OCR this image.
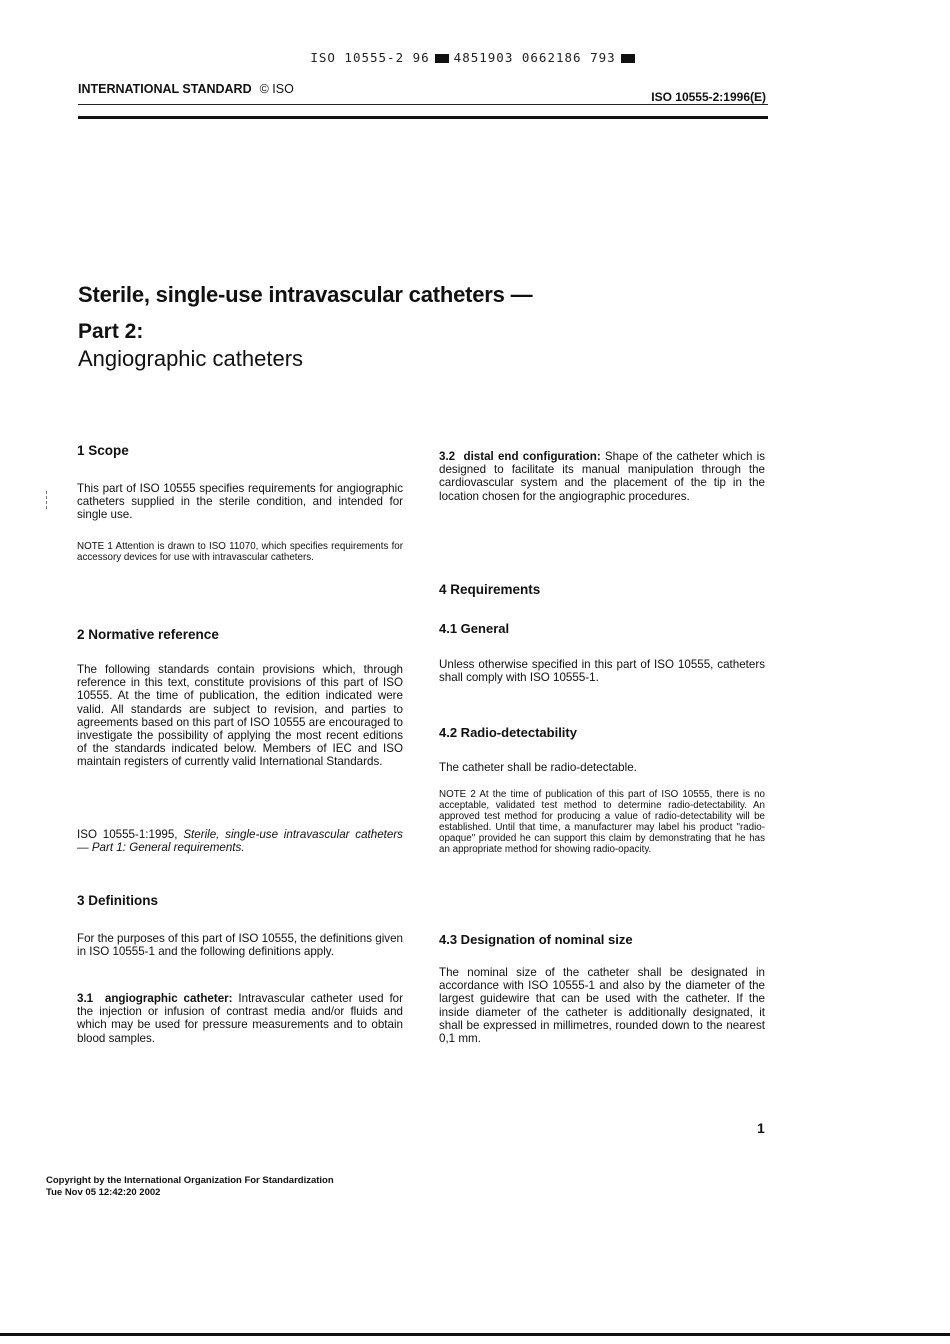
ISO 10555-2 96 4851903 0662186 793
INTERNATIONAL STANDARD © ISO
ISO 10555-2:1996(E)
Sterile, single-use intravascular catheters —
Part 2:
Angiographic catheters
1 Scope
This part of ISO 10555 specifies requirements for angiographic catheters supplied in the sterile condition, and intended for single use.
NOTE 1 Attention is drawn to ISO 11070, which specifies requirements for accessory devices for use with intravascular catheters.
2 Normative reference
The following standards contain provisions which, through reference in this text, constitute provisions of this part of ISO 10555. At the time of publication, the edition indicated were valid. All standards are subject to revision, and parties to agreements based on this part of ISO 10555 are encouraged to investigate the possibility of applying the most recent editions of the standards indicated below. Members of IEC and ISO maintain registers of currently valid International Standards.
ISO 10555-1:1995, Sterile, single-use intravascular catheters — Part 1: General requirements.
3 Definitions
For the purposes of this part of ISO 10555, the definitions given in ISO 10555-1 and the following definitions apply.
3.1 angiographic catheter: Intravascular catheter used for the injection or infusion of contrast media and/or fluids and which may be used for pressure measurements and to obtain blood samples.
3.2 distal end configuration: Shape of the catheter which is designed to facilitate its manual manipulation through the cardiovascular system and the placement of the tip in the location chosen for the angiographic procedures.
4 Requirements
4.1 General
Unless otherwise specified in this part of ISO 10555, catheters shall comply with ISO 10555-1.
4.2 Radio-detectability
The catheter shall be radio-detectable.
NOTE 2 At the time of publication of this part of ISO 10555, there is no acceptable, validated test method to determine radio-detectability. An approved test method for producing a value of radio-detectability will be established. Until that time, a manufacturer may label his product "radio-opaque" provided he can support this claim by demonstrating that he has an appropriate method for showing radio-opacity.
4.3 Designation of nominal size
The nominal size of the catheter shall be designated in accordance with ISO 10555-1 and also by the diameter of the largest guidewire that can be used with the catheter. If the inside diameter of the catheter is additionally designated, it shall be expressed in millimetres, rounded down to the nearest 0,1 mm.
1
Copyright by the International Organization For Standardization
Tue Nov 05 12:42:20 2002
